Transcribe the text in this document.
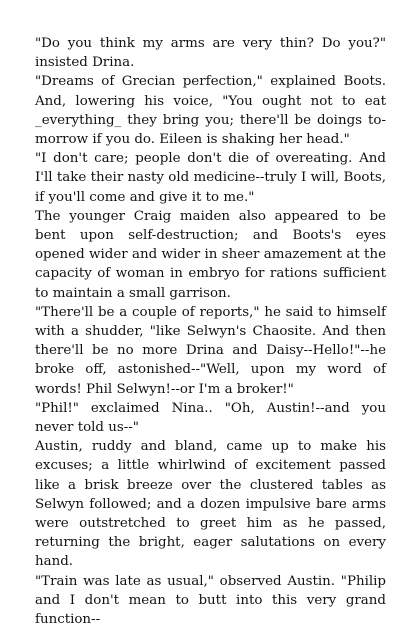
"Do you think my arms are very thin? Do you?" insisted Drina.

"Dreams of Grecian perfection," explained Boots. And, lowering his voice, "You ought not to eat _everything_ they bring you; there'll be doings to-morrow if you do. Eileen is shaking her head."

"I don't care; people don't die of overeating. And I'll take their nasty old medicine--truly I will, Boots, if you'll come and give it to me."

The younger Craig maiden also appeared to be bent upon self-destruction; and Boots's eyes opened wider and wider in sheer amazement at the capacity of woman in embryo for rations sufficient to maintain a small garrison.

"There'll be a couple of reports," he said to himself with a shudder, "like Selwyn's Chaosite. And then there'll be no more Drina and Daisy--Hello!"--he broke off, astonished--"Well, upon my word of words! Phil Selwyn!--or I'm a broker!"

"Phil!" exclaimed Nina.. "Oh, Austin!--and you never told us--"

Austin, ruddy and bland, came up to make his excuses; a little whirlwind of excitement passed like a brisk breeze over the clustered tables as Selwyn followed; and a dozen impulsive bare arms were outstretched to greet him as he passed, returning the bright, eager salutations on every hand.

"Train was late as usual," observed Austin. "Philip and I don't mean to butt into this very grand function--
